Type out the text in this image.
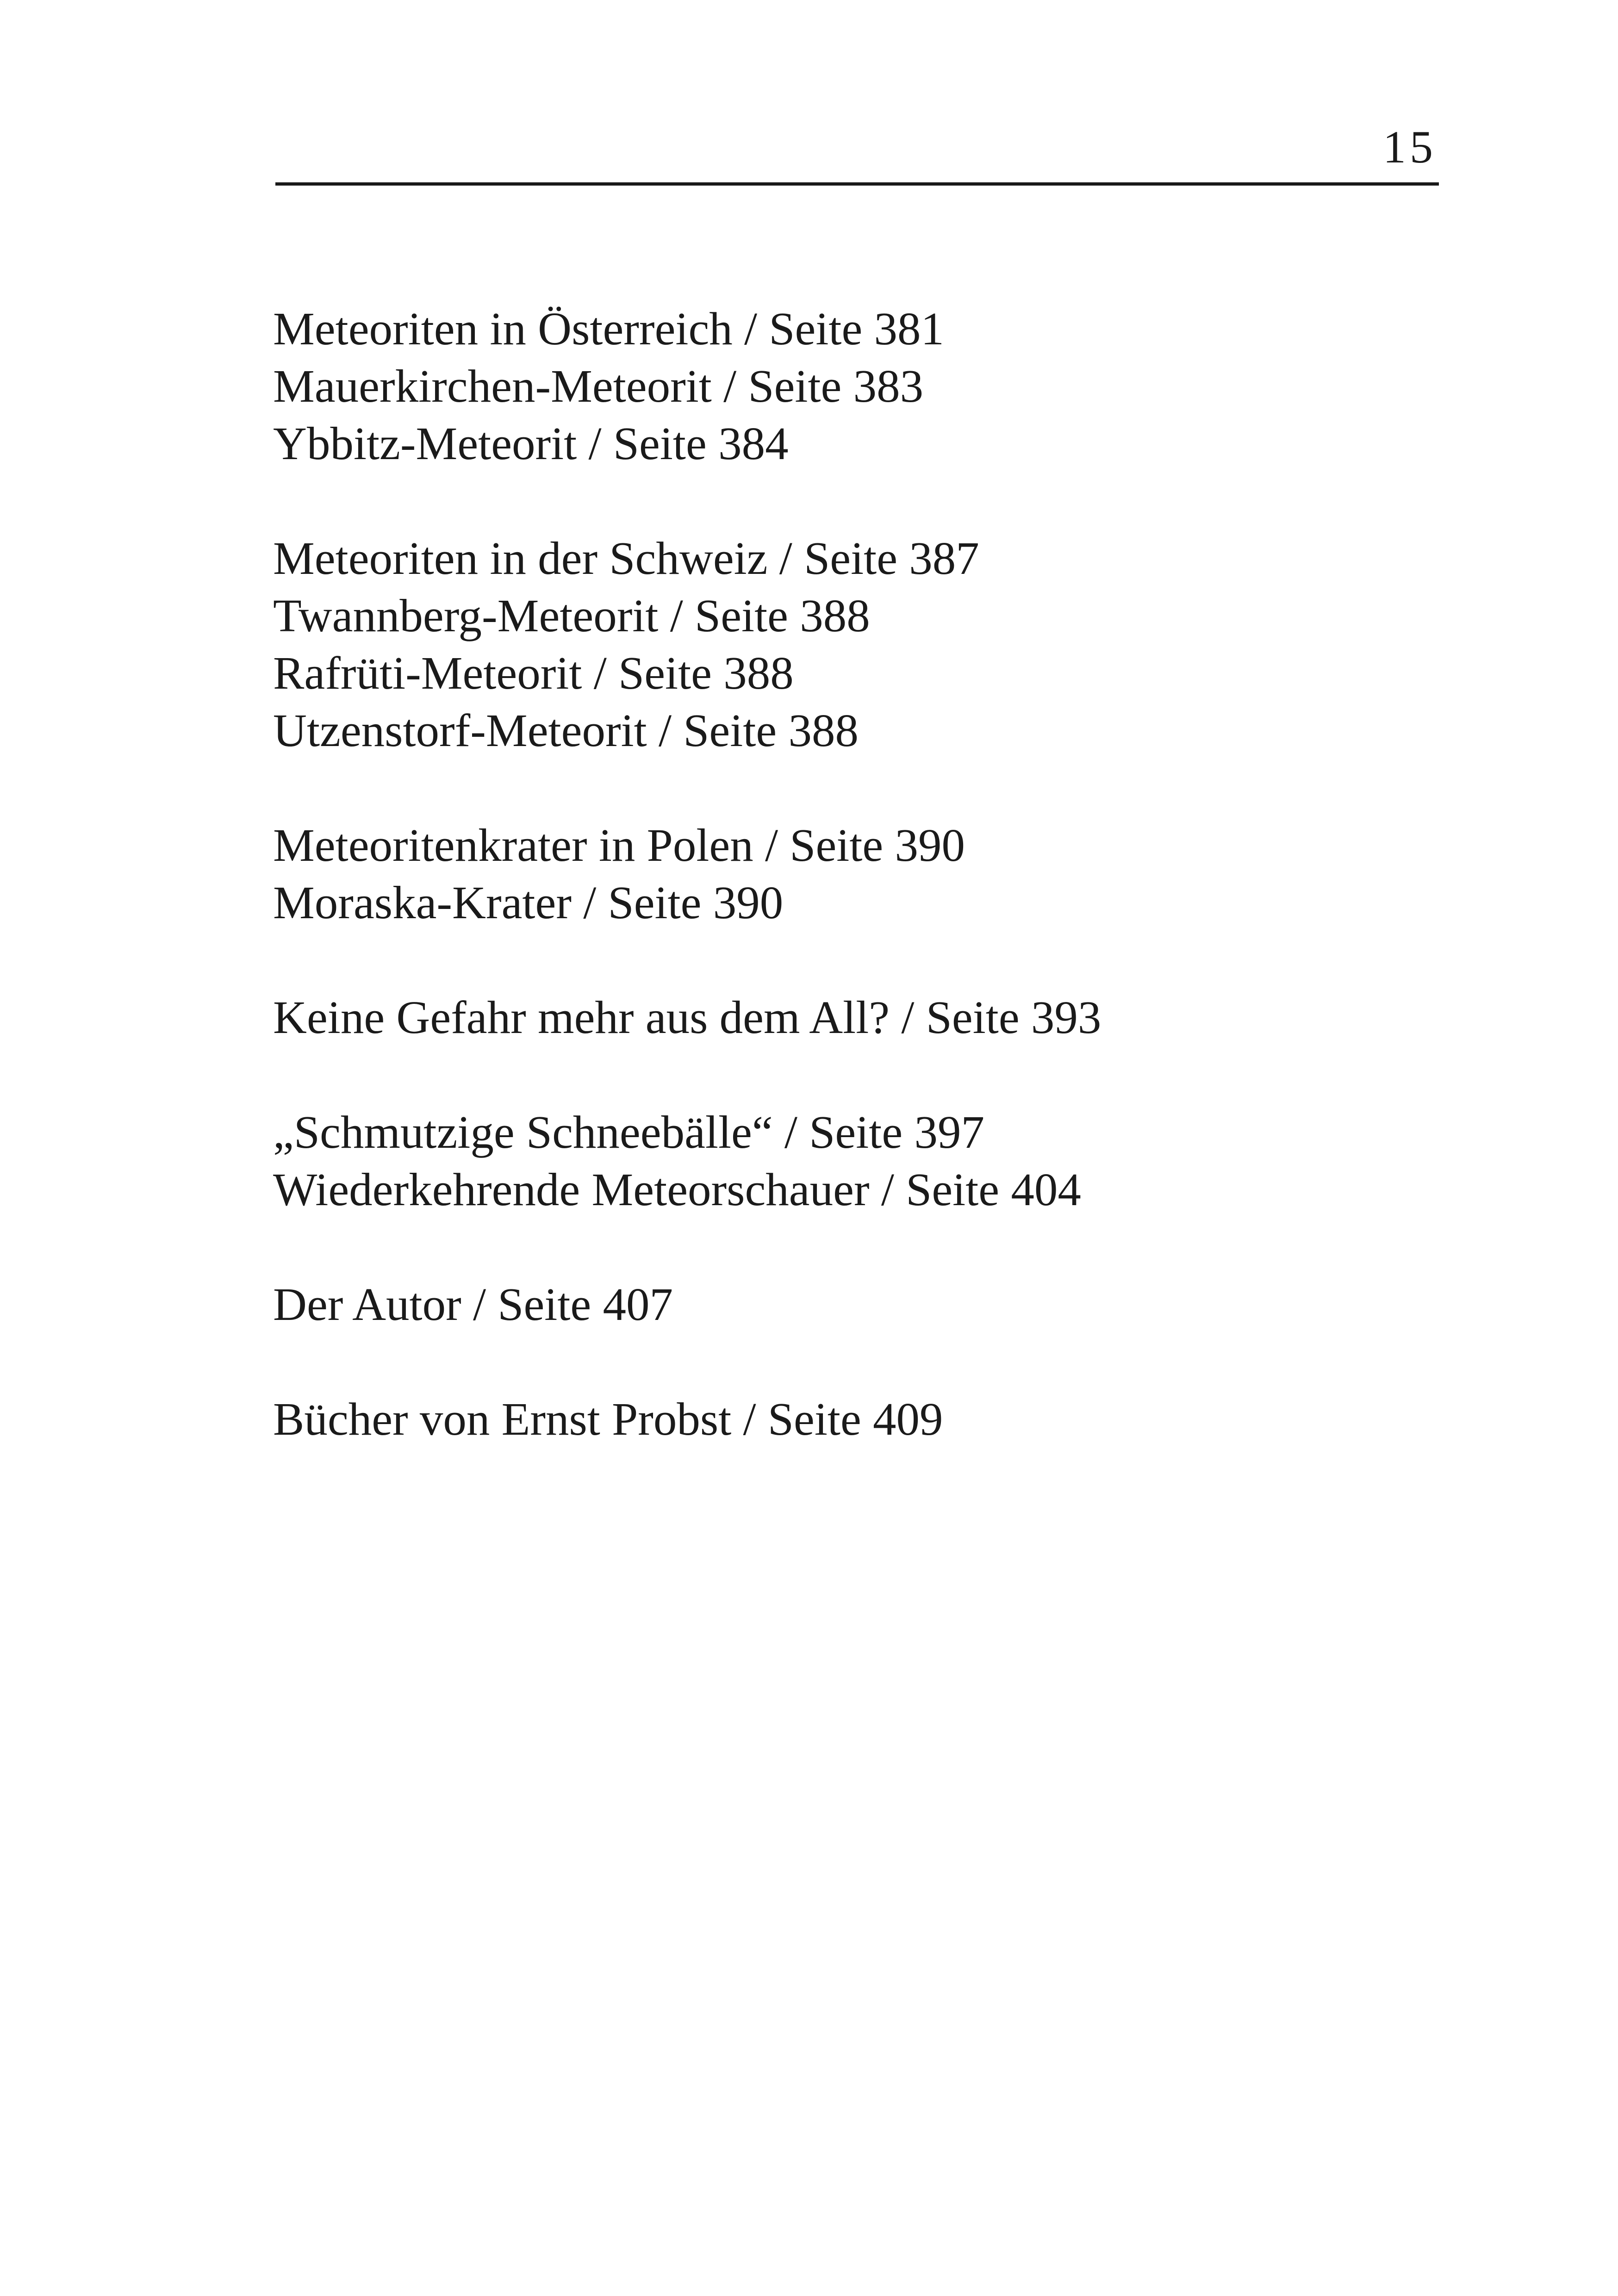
15
Meteoriten in Österreich / Seite 381
Mauerkirchen-Meteorit / Seite 383
Ybbitz-Meteorit / Seite 384
Meteoriten in der Schweiz / Seite 387
Twannberg-Meteorit / Seite 388
Rafrüti-Meteorit / Seite 388
Utzenstorf-Meteorit / Seite 388
Meteoritenkrater in Polen / Seite 390
Moraska-Krater / Seite 390
Keine Gefahr mehr aus dem All? / Seite 393
„Schmutzige Schneebälle“ / Seite 397
Wiederkehrende Meteorschauer / Seite 404
Der Autor / Seite 407
Bücher von Ernst Probst / Seite 409
